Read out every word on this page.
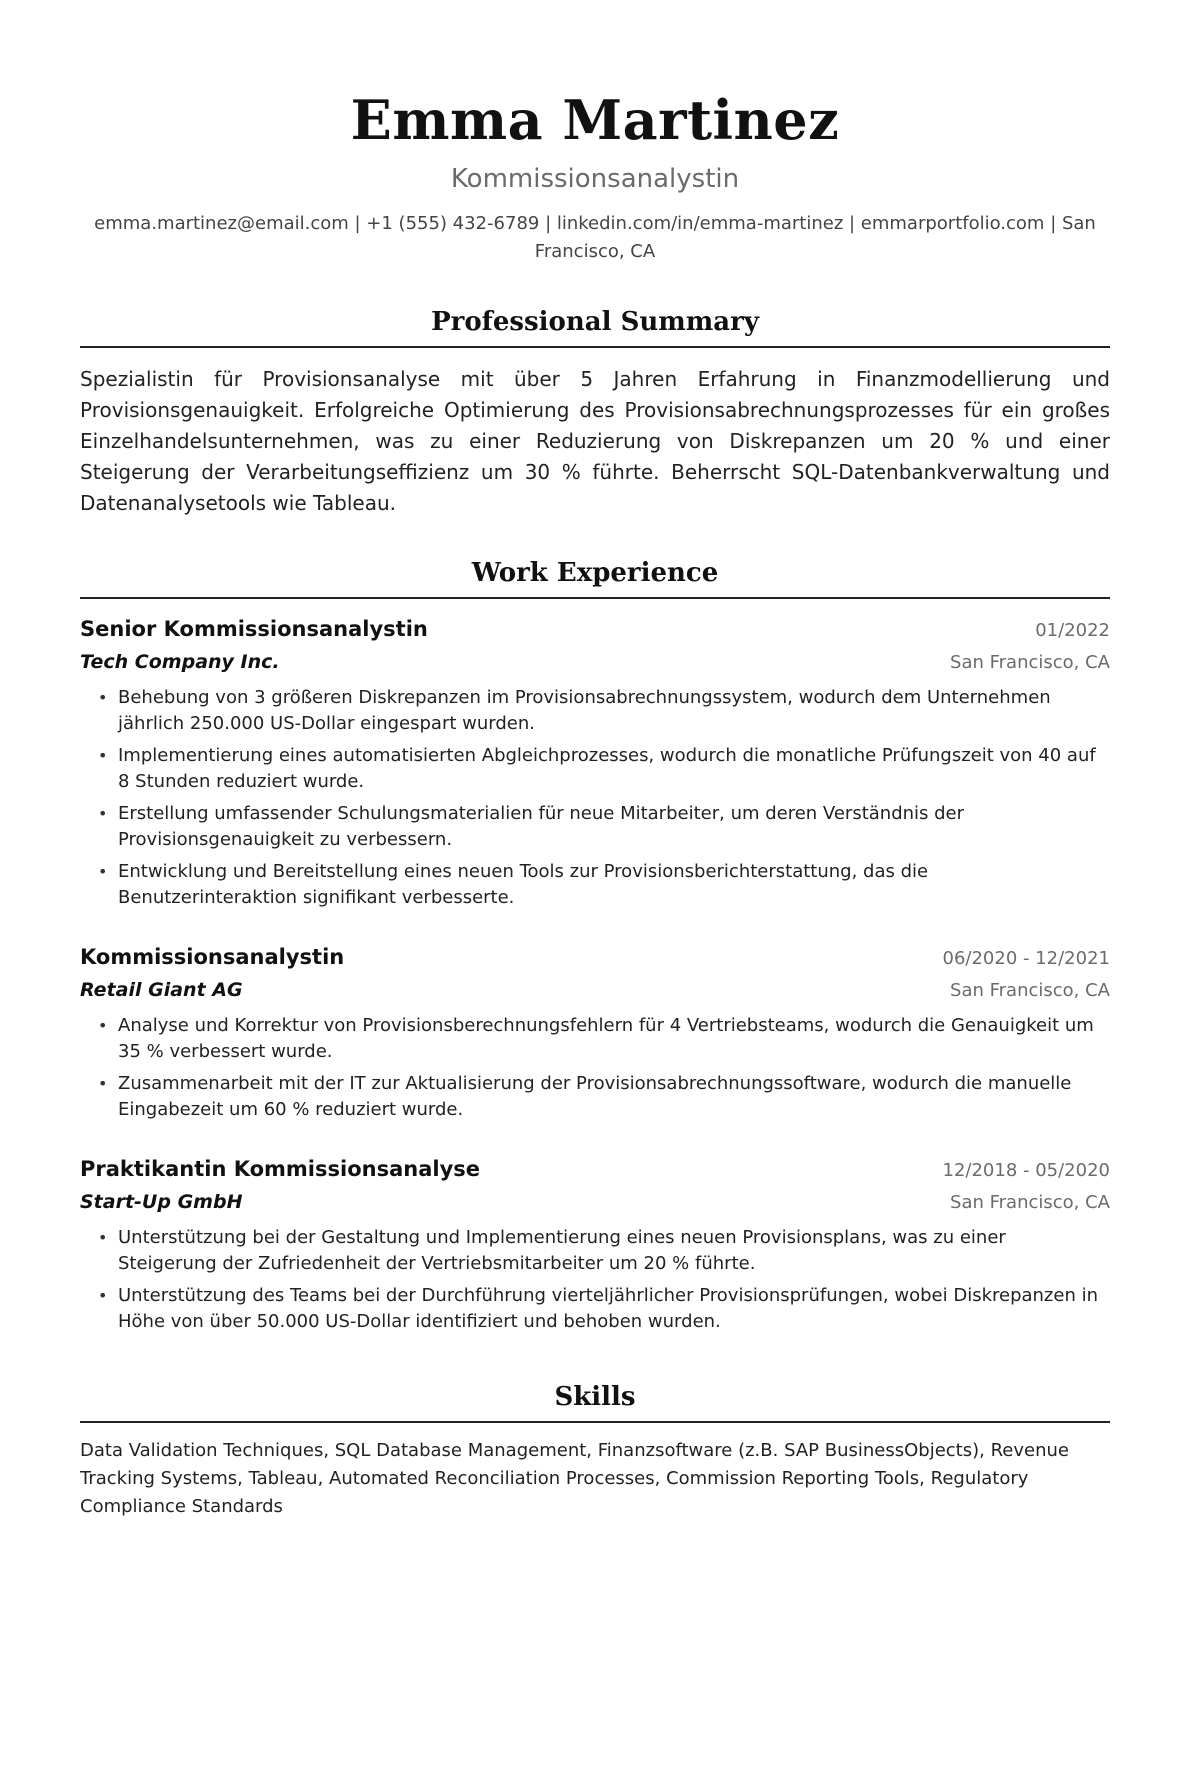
Emma Martinez
Kommissionsanalystin
emma.martinez@email.com | +1 (555) 432-6789 | linkedin.com/in/emma-martinez | emmarportfolio.com | San Francisco, CA
Professional Summary

Spezialistin für Provisionsanalyse mit über 5 Jahren Erfahrung in Finanzmodellierung und Provisionsgenauigkeit. Erfolgreiche Optimierung des Provisionsabrechnungsprozesses für ein großes Einzelhandelsunternehmen, was zu einer Reduzierung von Diskrepanzen um 20 % und einer Steigerung der Verarbeitungseffizienz um 30 % führte. Beherrscht SQL-Datenbankverwaltung und Datenanalysetools wie Tableau.

Work Experience
Senior Kommissionsanalystin	01/2022
Tech Company Inc.	San Francisco, CA
• Behebung von 3 größeren Diskrepanzen im Provisionsabrechnungssystem, wodurch dem Unternehmen jährlich 250.000 US-Dollar eingespart wurden.
• Implementierung eines automatisierten Abgleichprozesses, wodurch die monatliche Prüfungszeit von 40 auf 8 Stunden reduziert wurde.
• Erstellung umfassender Schulungsmaterialien für neue Mitarbeiter, um deren Verständnis der Provisionsgenauigkeit zu verbessern.
• Entwicklung und Bereitstellung eines neuen Tools zur Provisionsberichterstattung, das die Benutzerinteraktion signifikant verbesserte.
Kommissionsanalystin	06/2020 - 12/2021
Retail Giant AG	San Francisco, CA
• Analyse und Korrektur von Provisionsberechnungsfehlern für 4 Vertriebsteams, wodurch die Genauigkeit um 35 % verbessert wurde.
• Zusammenarbeit mit der IT zur Aktualisierung der Provisionsabrechnungssoftware, wodurch die manuelle Eingabezeit um 60 % reduziert wurde.
Praktikantin Kommissionsanalyse	12/2018 - 05/2020
Start-Up GmbH	San Francisco, CA
• Unterstützung bei der Gestaltung und Implementierung eines neuen Provisionsplans, was zu einer Steigerung der Zufriedenheit der Vertriebsmitarbeiter um 20 % führte.
• Unterstützung des Teams bei der Durchführung vierteljährlicher Provisionsprüfungen, wobei Diskrepanzen in Höhe von über 50.000 US-Dollar identifiziert und behoben wurden.
Skills
Data Validation Techniques, SQL Database Management, Finanzsoftware (z.B. SAP BusinessObjects), Revenue Tracking Systems, Tableau, Automated Reconciliation Processes, Commission Reporting Tools, Regulatory Compliance Standards
